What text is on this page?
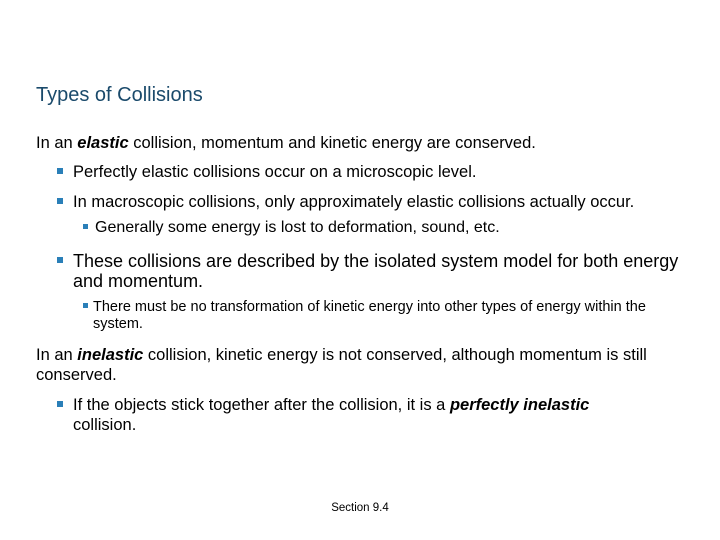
Types of Collisions
In an elastic collision, momentum and kinetic energy are conserved.
Perfectly elastic collisions occur on a microscopic level.
In macroscopic collisions, only approximately elastic collisions actually occur.
Generally some energy is lost to deformation, sound, etc.
These collisions are described by the isolated system model for both energy and momentum.
There must be no transformation of kinetic energy into other types of energy within the system.
In an inelastic collision, kinetic energy is not conserved, although momentum is still conserved.
If the objects stick together after the collision, it is a perfectly inelastic collision.
Section 9.4
